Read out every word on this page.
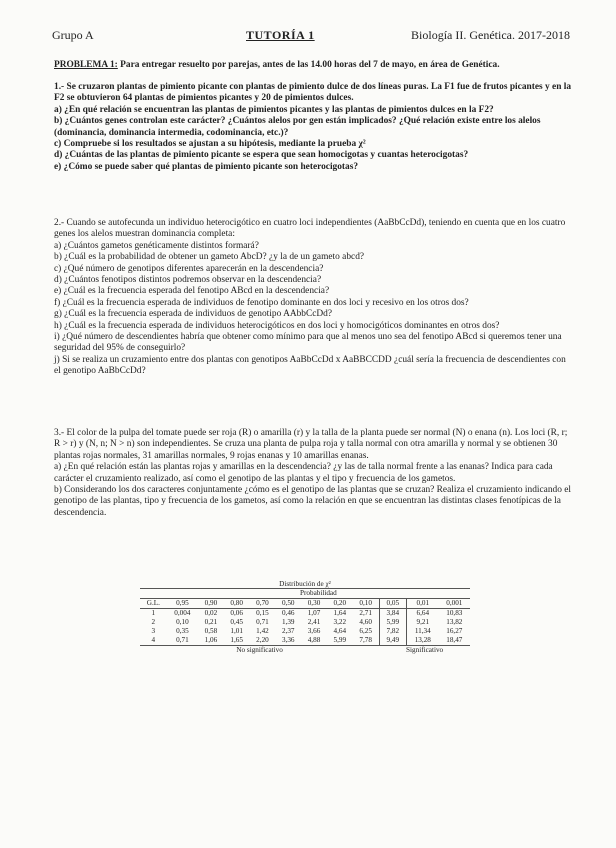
Grupo A	TUTORÍA 1	Biología II. Genética. 2017-2018
PROBLEMA 1: Para entregar resuelto por parejas, antes de las 14.00 horas del 7 de mayo, en área de Genética.

1.- Se cruzaron plantas de pimiento picante con plantas de pimiento dulce de dos líneas puras. La F1 fue de frutos picantes y en la F2 se obtuvieron 64 plantas de pimientos picantes y 20 de pimientos dulces.

a) ¿En qué relación se encuentran las plantas de pimientos picantes y las plantas de pimientos dulces en la F2?

b) ¿Cuántos genes controlan este carácter? ¿Cuántos alelos por gen están implicados? ¿Qué relación existe entre los alelos (dominancia, dominancia intermedia, codominancia, etc.)?

c) Compruebe si los resultados se ajustan a su hipótesis, mediante la prueba χ²

d) ¿Cuántas de las plantas de pimiento picante se espera que sean homocigotas y cuantas heterocigotas?

e) ¿Cómo se puede saber qué plantas de pimiento picante son heterocigotas?

2.- Cuando se autofecunda un individuo heterocigótico en cuatro loci independientes (AaBbCcDd), teniendo en cuenta que en los cuatro genes los alelos muestran dominancia completa:

a) ¿Cuántos gametos genéticamente distintos formará?

b) ¿Cuál es la probabilidad de obtener un gameto AbcD? ¿y la de un gameto abcd?

c) ¿Qué número de genotipos diferentes aparecerán en la descendencia?

d) ¿Cuántos fenotipos distintos podremos observar en la descendencia?

e) ¿Cuál es la frecuencia esperada del fenotipo ABcd en la descendencia?

f) ¿Cuál es la frecuencia esperada de individuos de fenotipo dominante en dos loci y recesivo en los otros dos?

g) ¿Cuál es la frecuencia esperada de individuos de genotipo AAbbCcDd?

h) ¿Cuál es la frecuencia esperada de individuos heterocigóticos en dos loci y homocigóticos dominantes en otros dos?

i) ¿Qué número de descendientes habría que obtener como mínimo para que al menos uno sea del fenotipo ABcd si queremos tener una seguridad del 95% de conseguirlo?

j) Si se realiza un cruzamiento entre dos plantas con genotipos AaBbCcDd x AaBBCCDD ¿cuál sería la frecuencia de descendientes con el genotipo AaBbCcDd?

3.- El color de la pulpa del tomate puede ser roja (R) o amarilla (r) y la talla de la planta puede ser normal (N) o enana (n). Los loci (R, r; R > r) y (N, n; N > n) son independientes. Se cruza una planta de pulpa roja y talla normal con otra amarilla y normal y se obtienen 30 plantas rojas normales, 31 amarillas normales, 9 rojas enanas y 10 amarillas enanas.

a) ¿En qué relación están las plantas rojas y amarillas en la descendencia? ¿y las de talla normal frente a las enanas? Indica para cada carácter el cruzamiento realizado, así como el genotipo de las plantas y el tipo y frecuencia de los gametos.

b) Considerando los dos caracteres conjuntamente ¿cómo es el genotipo de las plantas que se cruzan? Realiza el cruzamiento indicando el genotipo de las plantas, tipo y frecuencia de los gametos, así como la relación en que se encuentran las distintas clases fenotípicas de la descendencia.

Distribución de χ²
	Probabilidad										
G.L.	0,95	0,90	0,80	0,70	0,50	0,30	0,20	0,10	0,05	0,01	0,001
1	0,004	0,02	0,06	0,15	0,46	1,07	1,64	2,71	3,84	6,64	10,83
2	0,10	0,21	0,45	0,71	1,39	2,41	3,22	4,60	5,99	9,21	13,82
3	0,35	0,58	1,01	1,42	2,37	3,66	4,64	6,25	7,82	11,34	16,27
4	0,71	1,06	1,65	2,20	3,36	4,88	5,99	7,78	9,49	13,28	18,47
No significativo									Significativo		
